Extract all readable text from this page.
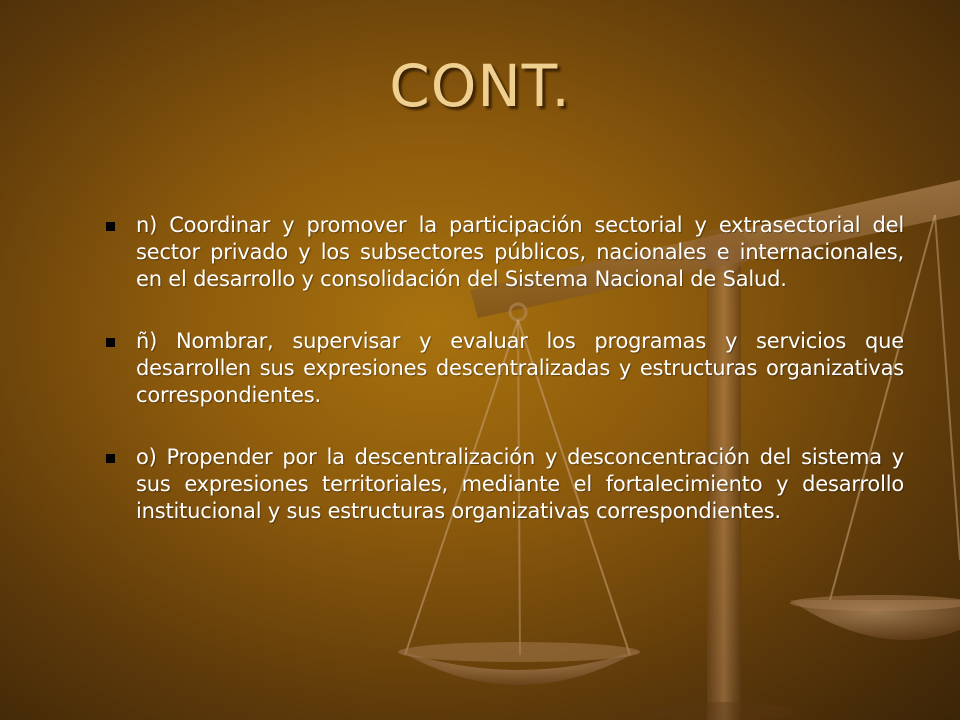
CONT.
n) Coordinar y promover la participación sectorial y extrasectorial del sector privado y los subsectores públicos, nacionales e internacionales, en el desarrollo y consolidación del Sistema Nacional de Salud.
ñ) Nombrar, supervisar y evaluar los programas y servicios que desarrollen sus expresiones descentralizadas y estructuras organizativas correspondientes.
o) Propender por la descentralización y desconcentración del sistema y sus expresiones territoriales, mediante el fortalecimiento y desarrollo institucional y sus estructuras organizativas correspondientes.
